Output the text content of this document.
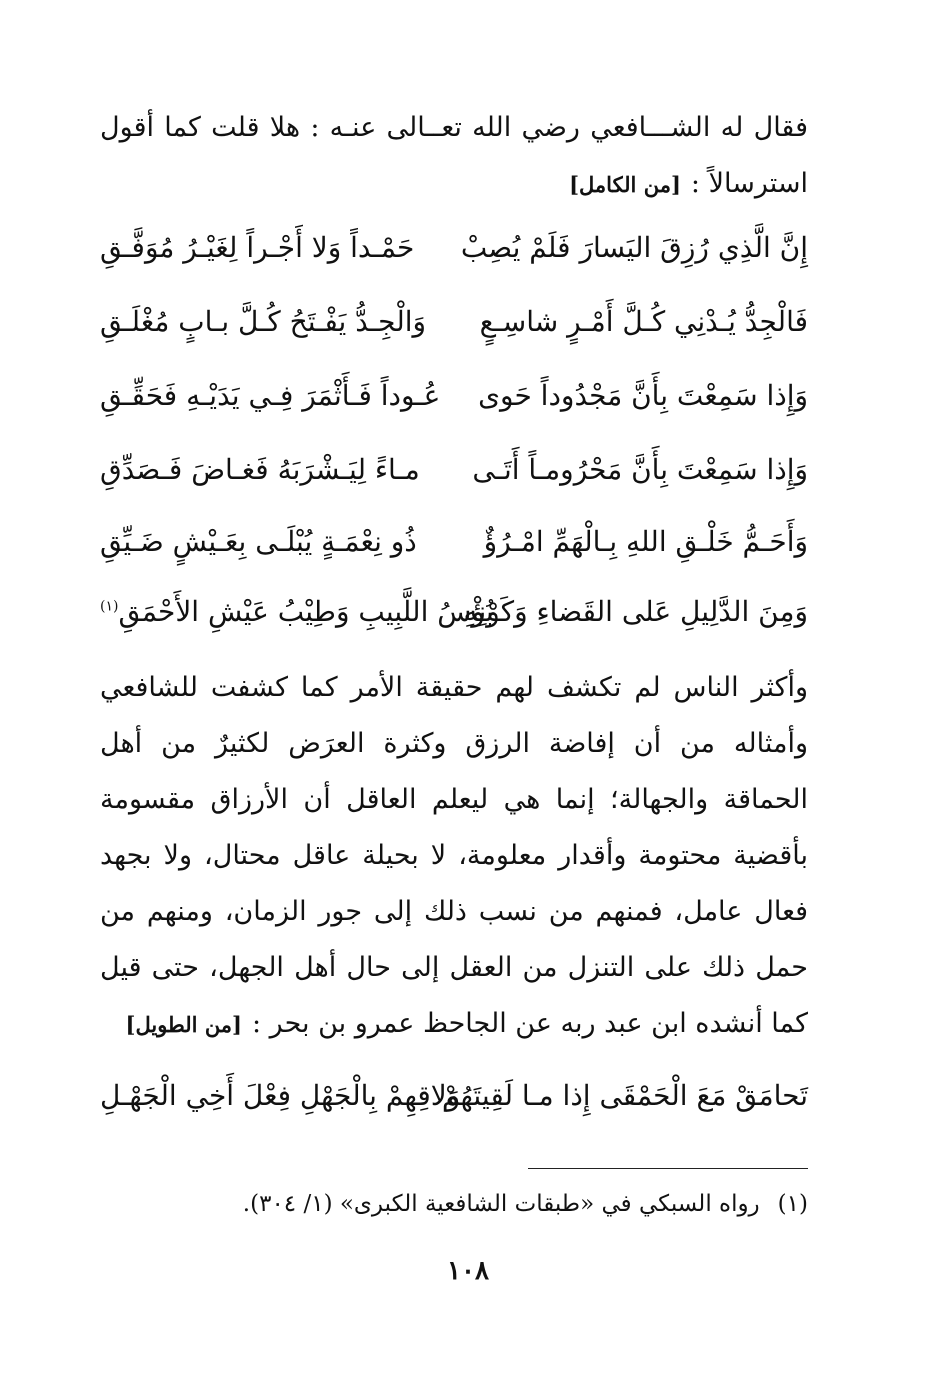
فقال له الشـــافعي رضي الله تعــالى عنـه : هلا قلت كما أقول استرسالاً :[من الكامل]

إِنَّ الَّذِي رُزِقَ اليَسارَ فَلَمْ يُصِبْ
حَمْـداً وَلا أَجْـراً لِغَيْـرُ مُوَفَّـقِ
فَالْجِدُّ يُـدْنِي كُـلَّ أَمْـرٍ شاسِـعٍ
وَالْجِـدُّ يَفْـتَحُ كُـلَّ بـابٍ مُغْلَـقِ
وَإِذا سَمِعْتَ بِأَنَّ مَجْدُوداً حَوى
عُـوداً فَـأَثْمَرَ فِـي يَدَيْـهِ فَحَقِّـقِ
وَإِذا سَمِعْتَ بِأَنَّ مَحْرُومـاً أَتَـى
مـاءً لِيَـشْرَبَهُ فَغـاضَ فَـصَدِّقِ
وَأَحَـمُّ خَلْـقِ اللهِ بِـالْهَمِّ امْـرُؤٌ
ذُو نِعْمَـةٍ يُبْلَـى بِعَـيْشٍ ضَـيِّقِ
وَمِنَ الدَّلِيلِ عَلى القَضاءِ وَكَوْنِهِ
بُؤْسُ اللَّبِيبِ وَطِيْبُ عَيْشِ الأَحْمَقِ$^{(١)}$

وأكثر الناس لم تكشف لهم حقيقة الأمر كما كشفت للشافعي وأمثاله من أن إفاضة الرزق وكثرة العرَض لكثيرٌ من أهل الحماقة والجهالة؛ إنما هي ليعلم العاقل أن الأرزاق مقسومة بأقضية محتومة وأقدار معلومة، لا بحيلة عاقل محتال، ولا بجهد فعال عامل، فمنهم من نسب ذلك إلى جور الزمان، ومنهم من حمل ذلك على التنزل من العقل إلى حال أهل الجهل، حتى قيل كما أنشده ابن عبد ربه عن الجاحظ عمرو بن بحر :[من الطويل]

تَحامَقْ مَعَ الْحَمْقَى إِذا مـا لَقِيتَهُمْ
وَلاقِهِمْ بِالْجَهْلِ فِعْلَ أَخِي الْجَهْـلِ
(١)رواه السبكي في «طبقات الشافعية الكبرى» (١/ ٣٠٤).
١٠٨
